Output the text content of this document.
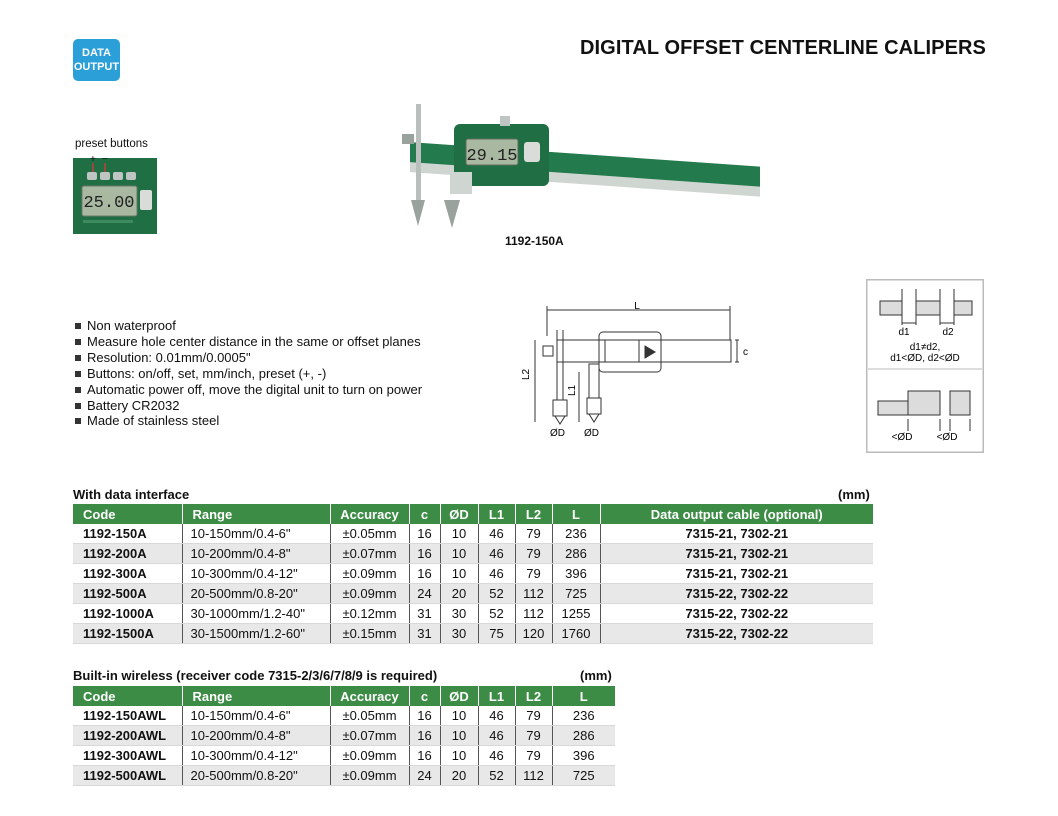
DATA
OUTPUT
DIGITAL OFFSET CENTERLINE CALIPERS
preset buttons
+ −
25.00
29.15
1192-150A
Non waterproof
Measure hole center distance in the same or offset planes
Resolution: 0.01mm/0.0005"
Buttons: on/off, set, mm/inch, preset (+, -)
Automatic power off, move the digital unit to turn on power
Battery CR2032
Made of stainless steel
L
c
L2
L1
ØD ØD
d1	d2
d1≠d2,
d1<ØD, d2<ØD
<ØD <ØD
With data interface	(mm)
Code	Range	Accuracy	c	ØD	L1	L2	L	Data output cable (optional)
1192-150A	10-150mm/0.4-6"	±0.05mm	16	10	46	79	236	7315-21, 7302-21
1192-200A	10-200mm/0.4-8"	±0.07mm	16	10	46	79	286	7315-21, 7302-21
1192-300A	10-300mm/0.4-12"	±0.09mm	16	10	46	79	396	7315-21, 7302-21
1192-500A	20-500mm/0.8-20"	±0.09mm	24	20	52	112	725	7315-22, 7302-22
1192-1000A	30-1000mm/1.2-40"	±0.12mm	31	30	52	112	1255	7315-22, 7302-22
1192-1500A	30-1500mm/1.2-60"	±0.15mm	31	30	75	120	1760	7315-22, 7302-22
Built-in wireless (receiver code 7315-2/3/6/7/8/9 is required)	(mm)
Code	Range	Accuracy	c	ØD	L1	L2	L
1192-150AWL	10-150mm/0.4-6"	±0.05mm	16	10	46	79	236
1192-200AWL	10-200mm/0.4-8"	±0.07mm	16	10	46	79	286
1192-300AWL	10-300mm/0.4-12"	±0.09mm	16	10	46	79	396
1192-500AWL	20-500mm/0.8-20"	±0.09mm	24	20	52	112	725
